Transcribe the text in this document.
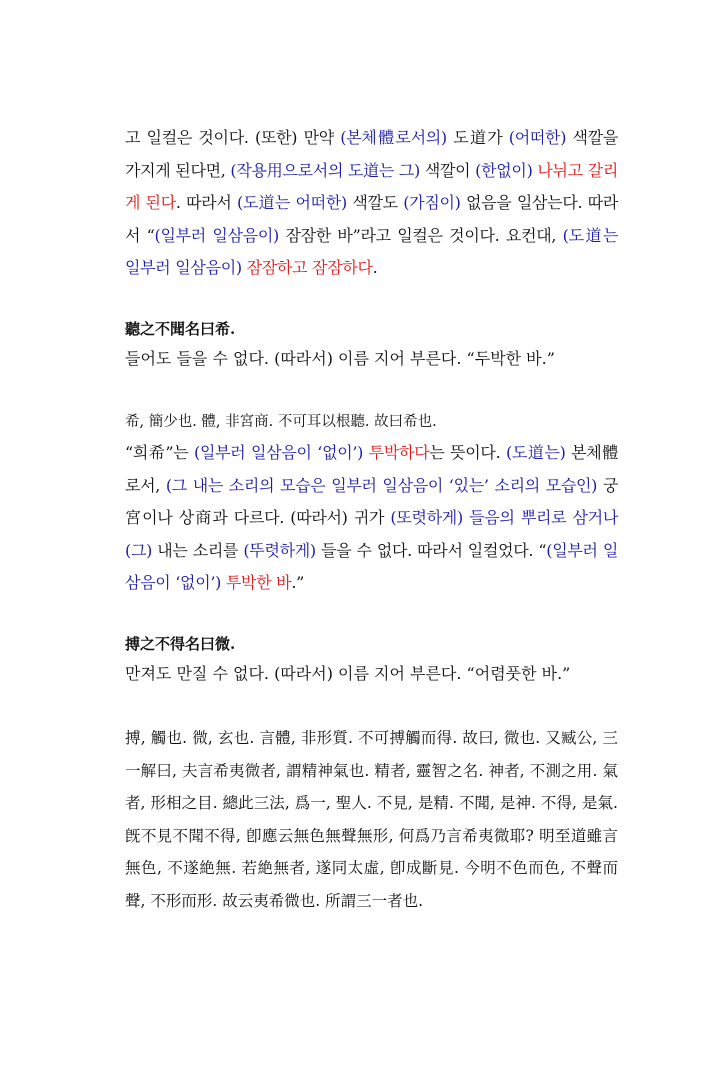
고 일컬은 것이다. (또한) 만약 (본체體로서의) 도道가 (어떠한) 색깔을 가지게 된다면, (작용用으로서의 도道는 그) 색깔이 (한없이) 나뉘고 갈리게 된다. 따라서 (도道는 어떠한) 색깔도 (가짐이) 없음을 일삼는다. 따라서 “(일부러 일삼음이) 잠잠한 바”라고 일컬은 것이다. 요컨대, (도道는 일부러 일삼음이) 잠잠하고 잠잠하다.

聽之不聞名曰希.

들어도 들을 수 없다. (따라서) 이름 지어 부른다. “두박한 바.”

希, 簡少也. 體, 非宮商. 不可耳以根聽. 故曰希也.

“희希”는 (일부러 일삼음이 ‘없이’) 투박하다는 뜻이다. (도道는) 본체體로서, (그 내는 소리의 모습은 일부러 일삼음이 ‘있는’ 소리의 모습인) 궁宮이나 상商과 다르다. (따라서) 귀가 (또렷하게) 들음의 뿌리로 삼거나 (그) 내는 소리를 (뚜렷하게) 들을 수 없다. 따라서 일컬었다. “(일부러 일삼음이 ‘없이’) 투박한 바.”

搏之不得名曰微.

만져도 만질 수 없다. (따라서) 이름 지어 부른다. “어렴풋한 바.”

搏, 觸也. 微, 玄也. 言體, 非形質. 不可搏觸而得. 故曰, 微也. 又臧公, 三一解曰, 夫言希夷微者, 謂精神氣也. 精者, 靈智之名. 神者, 不測之用. 氣者, 形相之目. 總此三法, 爲一, 聖人. 不見, 是精. 不聞, 是神. 不得, 是氣. 旣不見不聞不得, 卽應云無色無聲無形, 何爲乃言希夷微耶? 明至道雖言無色, 不遂絶無. 若絶無者, 遂同太虛, 卽成斷見. 今明不色而色, 不聲而聲, 不形而形. 故云夷希微也. 所謂三一者也.
